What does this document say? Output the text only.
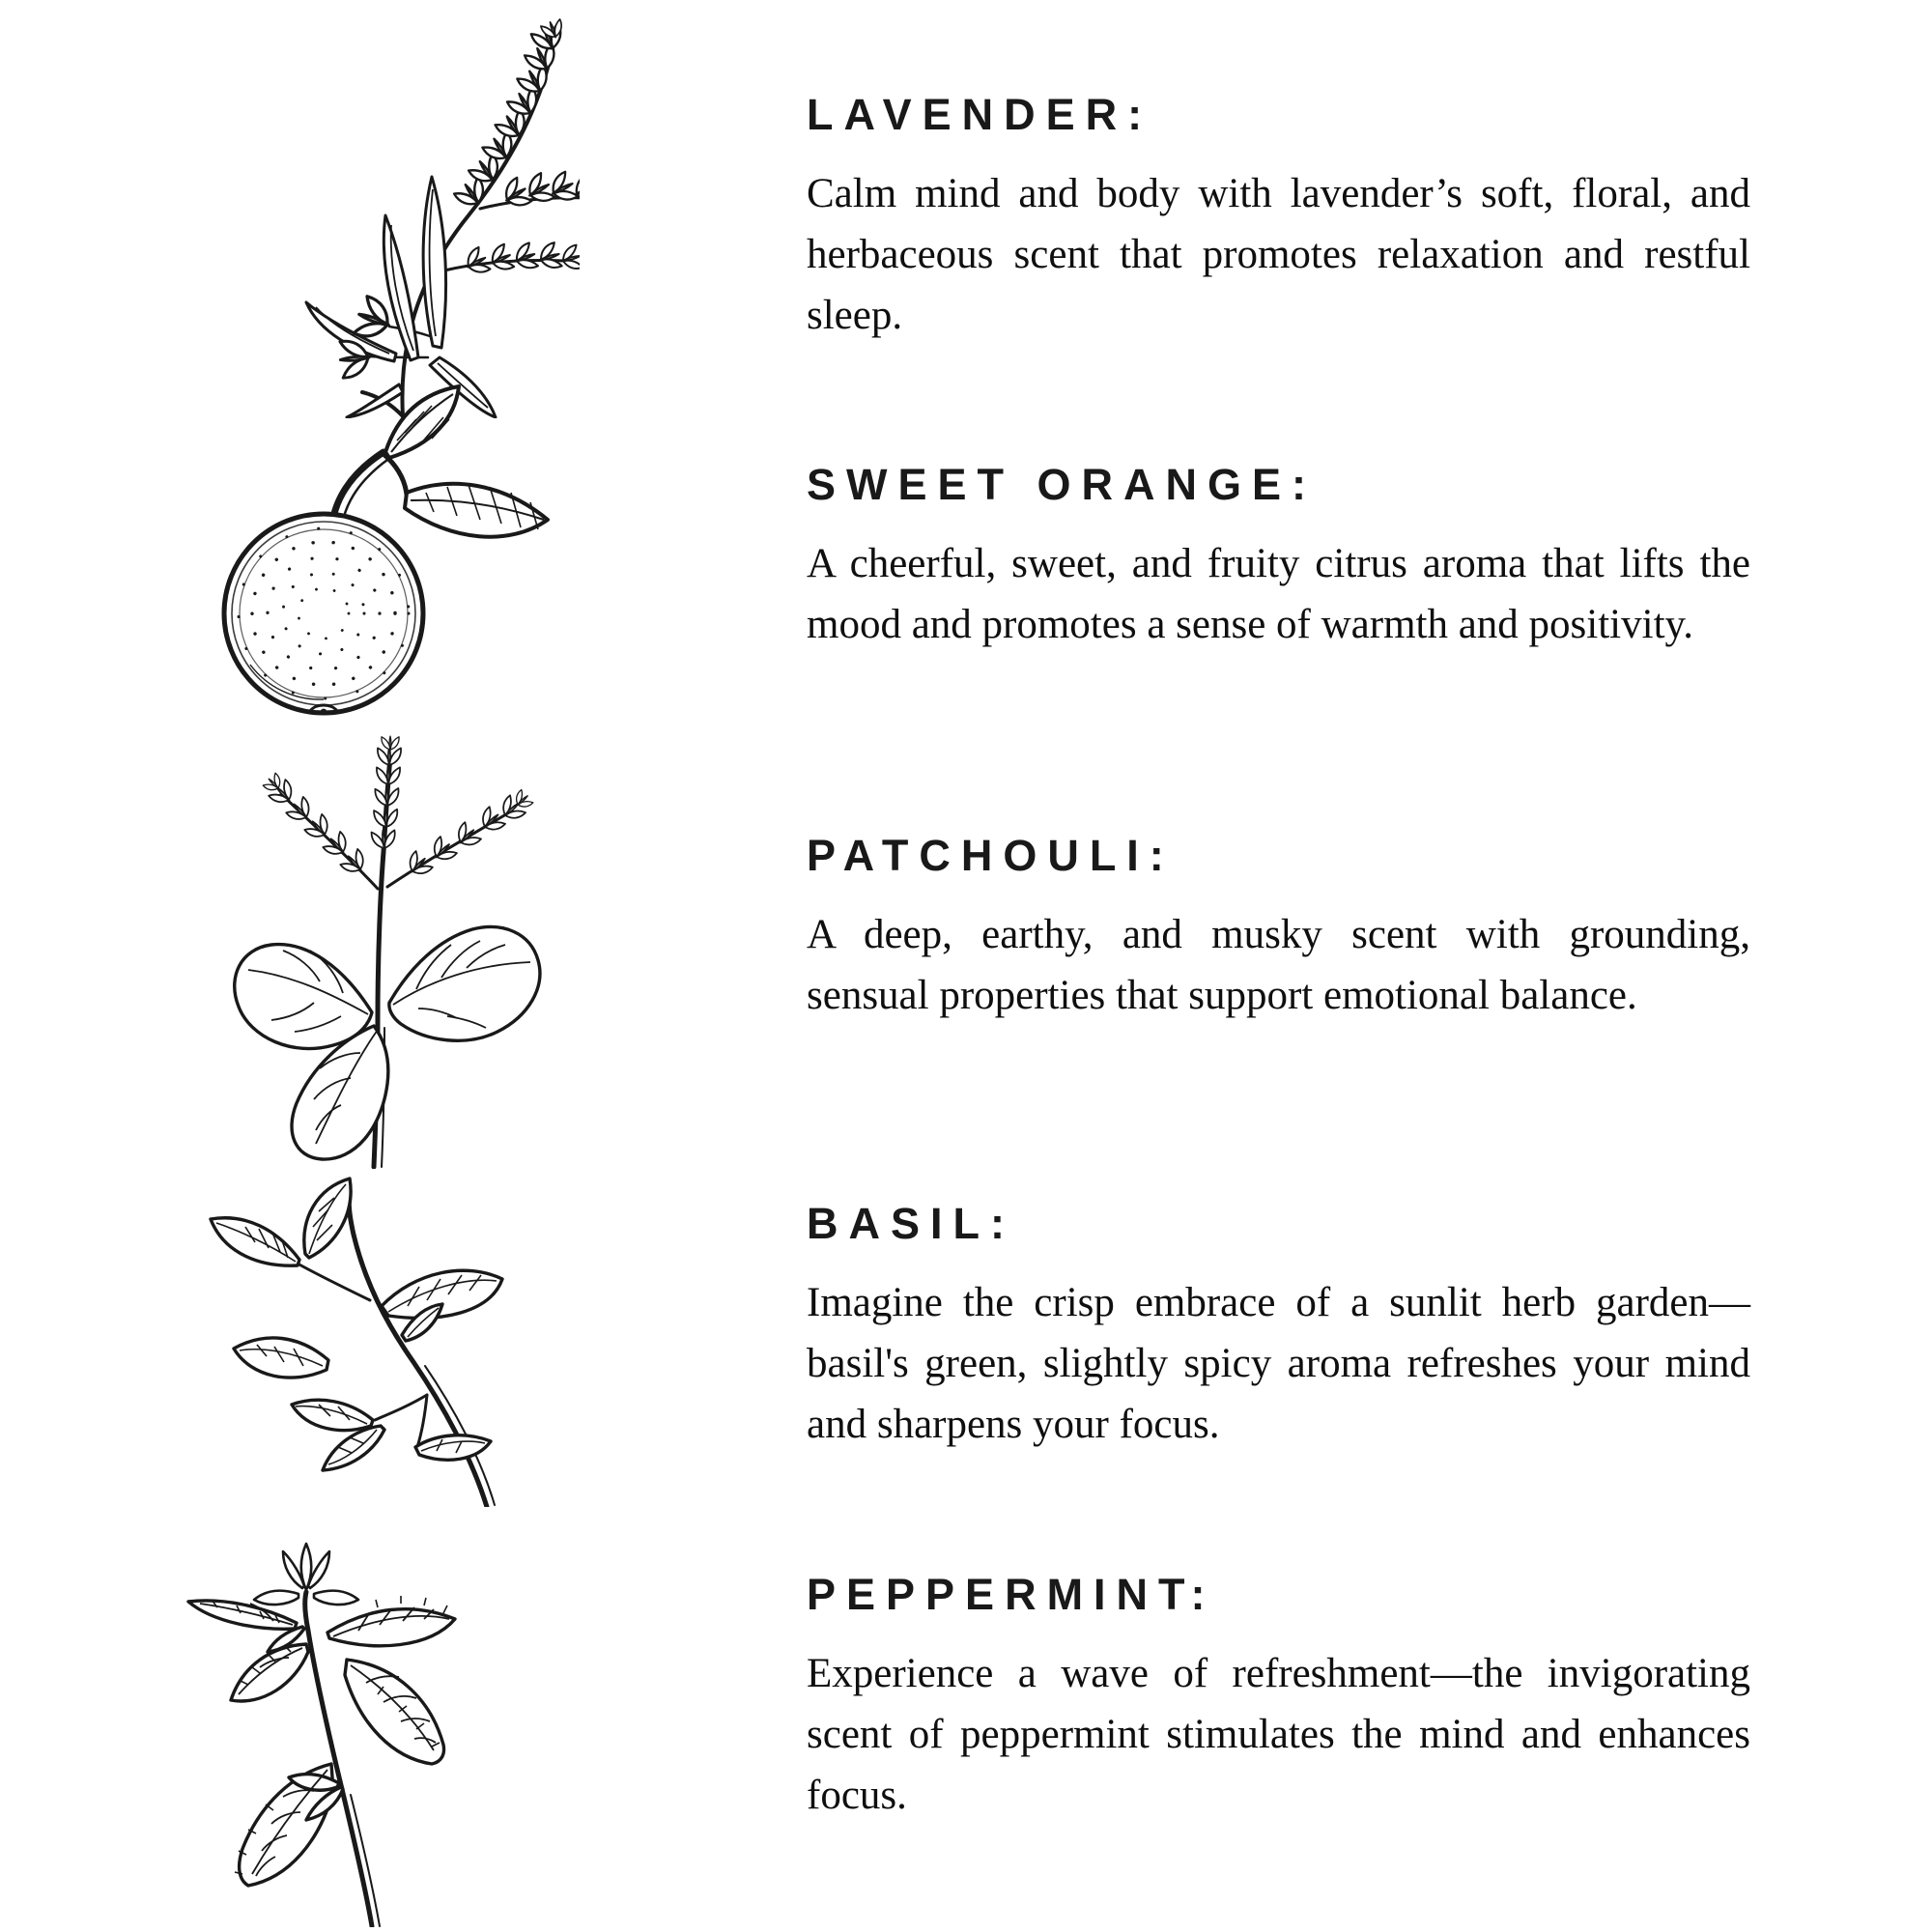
LAVENDER:

Calm mind and body with lavender’s soft, floral, and herbaceous scent that promotes relaxation and restful sleep.

SWEET ORANGE:

A cheerful, sweet, and fruity citrus aroma that lifts the mood and promotes a sense of warmth and positivity.

PATCHOULI:

A deep, earthy, and musky scent with grounding, sensual properties that support emotional balance.

BASIL:

Imagine the crisp embrace of a sunlit herb garden—basil's green, slightly spicy aroma refreshes your mind and sharpens your focus.

PEPPERMINT:

Experience a wave of refreshment—the invigorating scent of peppermint stimulates the mind and enhances focus.
